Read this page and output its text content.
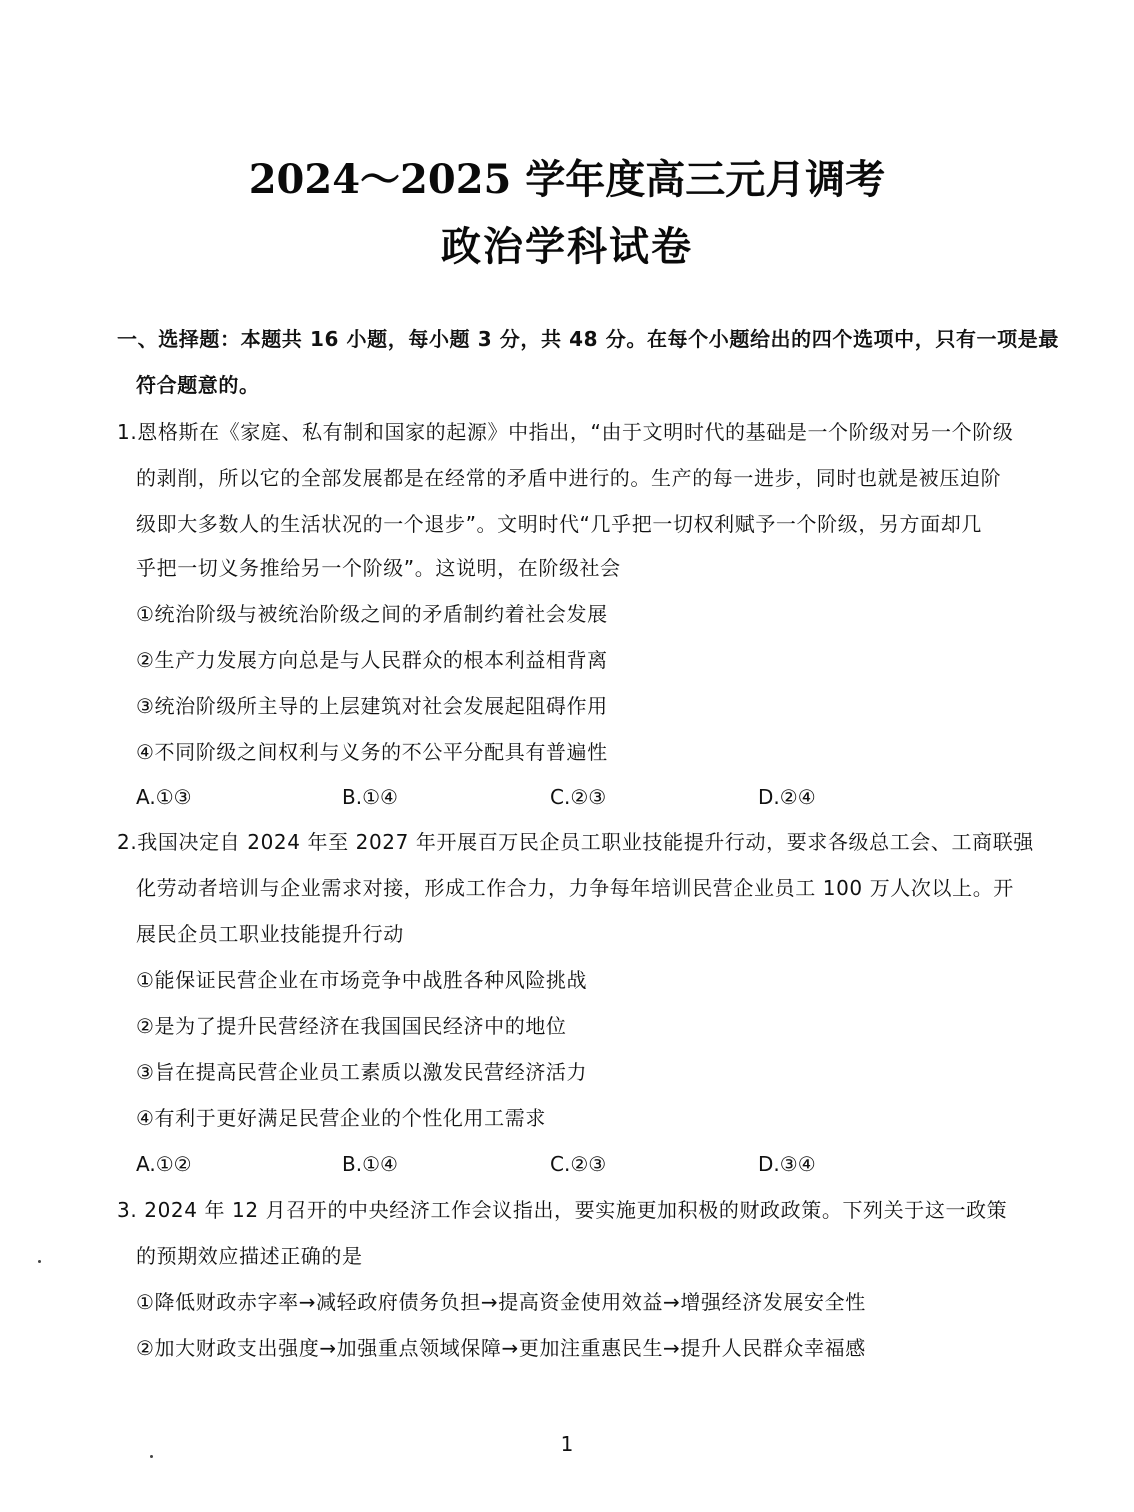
2024～2025 学年度高三元月调考
政治学科试卷
一、选择题：本题共 16 小题，每小题 3 分，共 48 分。在每个小题给出的四个选项中，只有一项是最
符合题意的。
1.恩格斯在《家庭、私有制和国家的起源》中指出，“由于文明时代的基础是一个阶级对另一个阶级
的剥削，所以它的全部发展都是在经常的矛盾中进行的。生产的每一进步，同时也就是被压迫阶
级即大多数人的生活状况的一个退步”。文明时代“几乎把一切权利赋予一个阶级，另方面却几
乎把一切义务推给另一个阶级”。这说明，在阶级社会
①统治阶级与被统治阶级之间的矛盾制约着社会发展
②生产力发展方向总是与人民群众的根本利益相背离
③统治阶级所主导的上层建筑对社会发展起阻碍作用
④不同阶级之间权利与义务的不公平分配具有普遍性
A.①③	B.①④	C.②③	D.②④
2.我国决定自 2024 年至 2027 年开展百万民企员工职业技能提升行动，要求各级总工会、工商联强
化劳动者培训与企业需求对接，形成工作合力，力争每年培训民营企业员工 100 万人次以上。开
展民企员工职业技能提升行动
①能保证民营企业在市场竞争中战胜各种风险挑战
②是为了提升民营经济在我国国民经济中的地位
③旨在提高民营企业员工素质以激发民营经济活力
④有利于更好满足民营企业的个性化用工需求
A.①②	B.①④	C.②③	D.③④
3. 2024 年 12 月召开的中央经济工作会议指出，要实施更加积极的财政政策。下列关于这一政策
的预期效应描述正确的是
①降低财政赤字率→减轻政府债务负担→提高资金使用效益→增强经济发展安全性
②加大财政支出强度→加强重点领域保障→更加注重惠民生→提升人民群众幸福感
1
